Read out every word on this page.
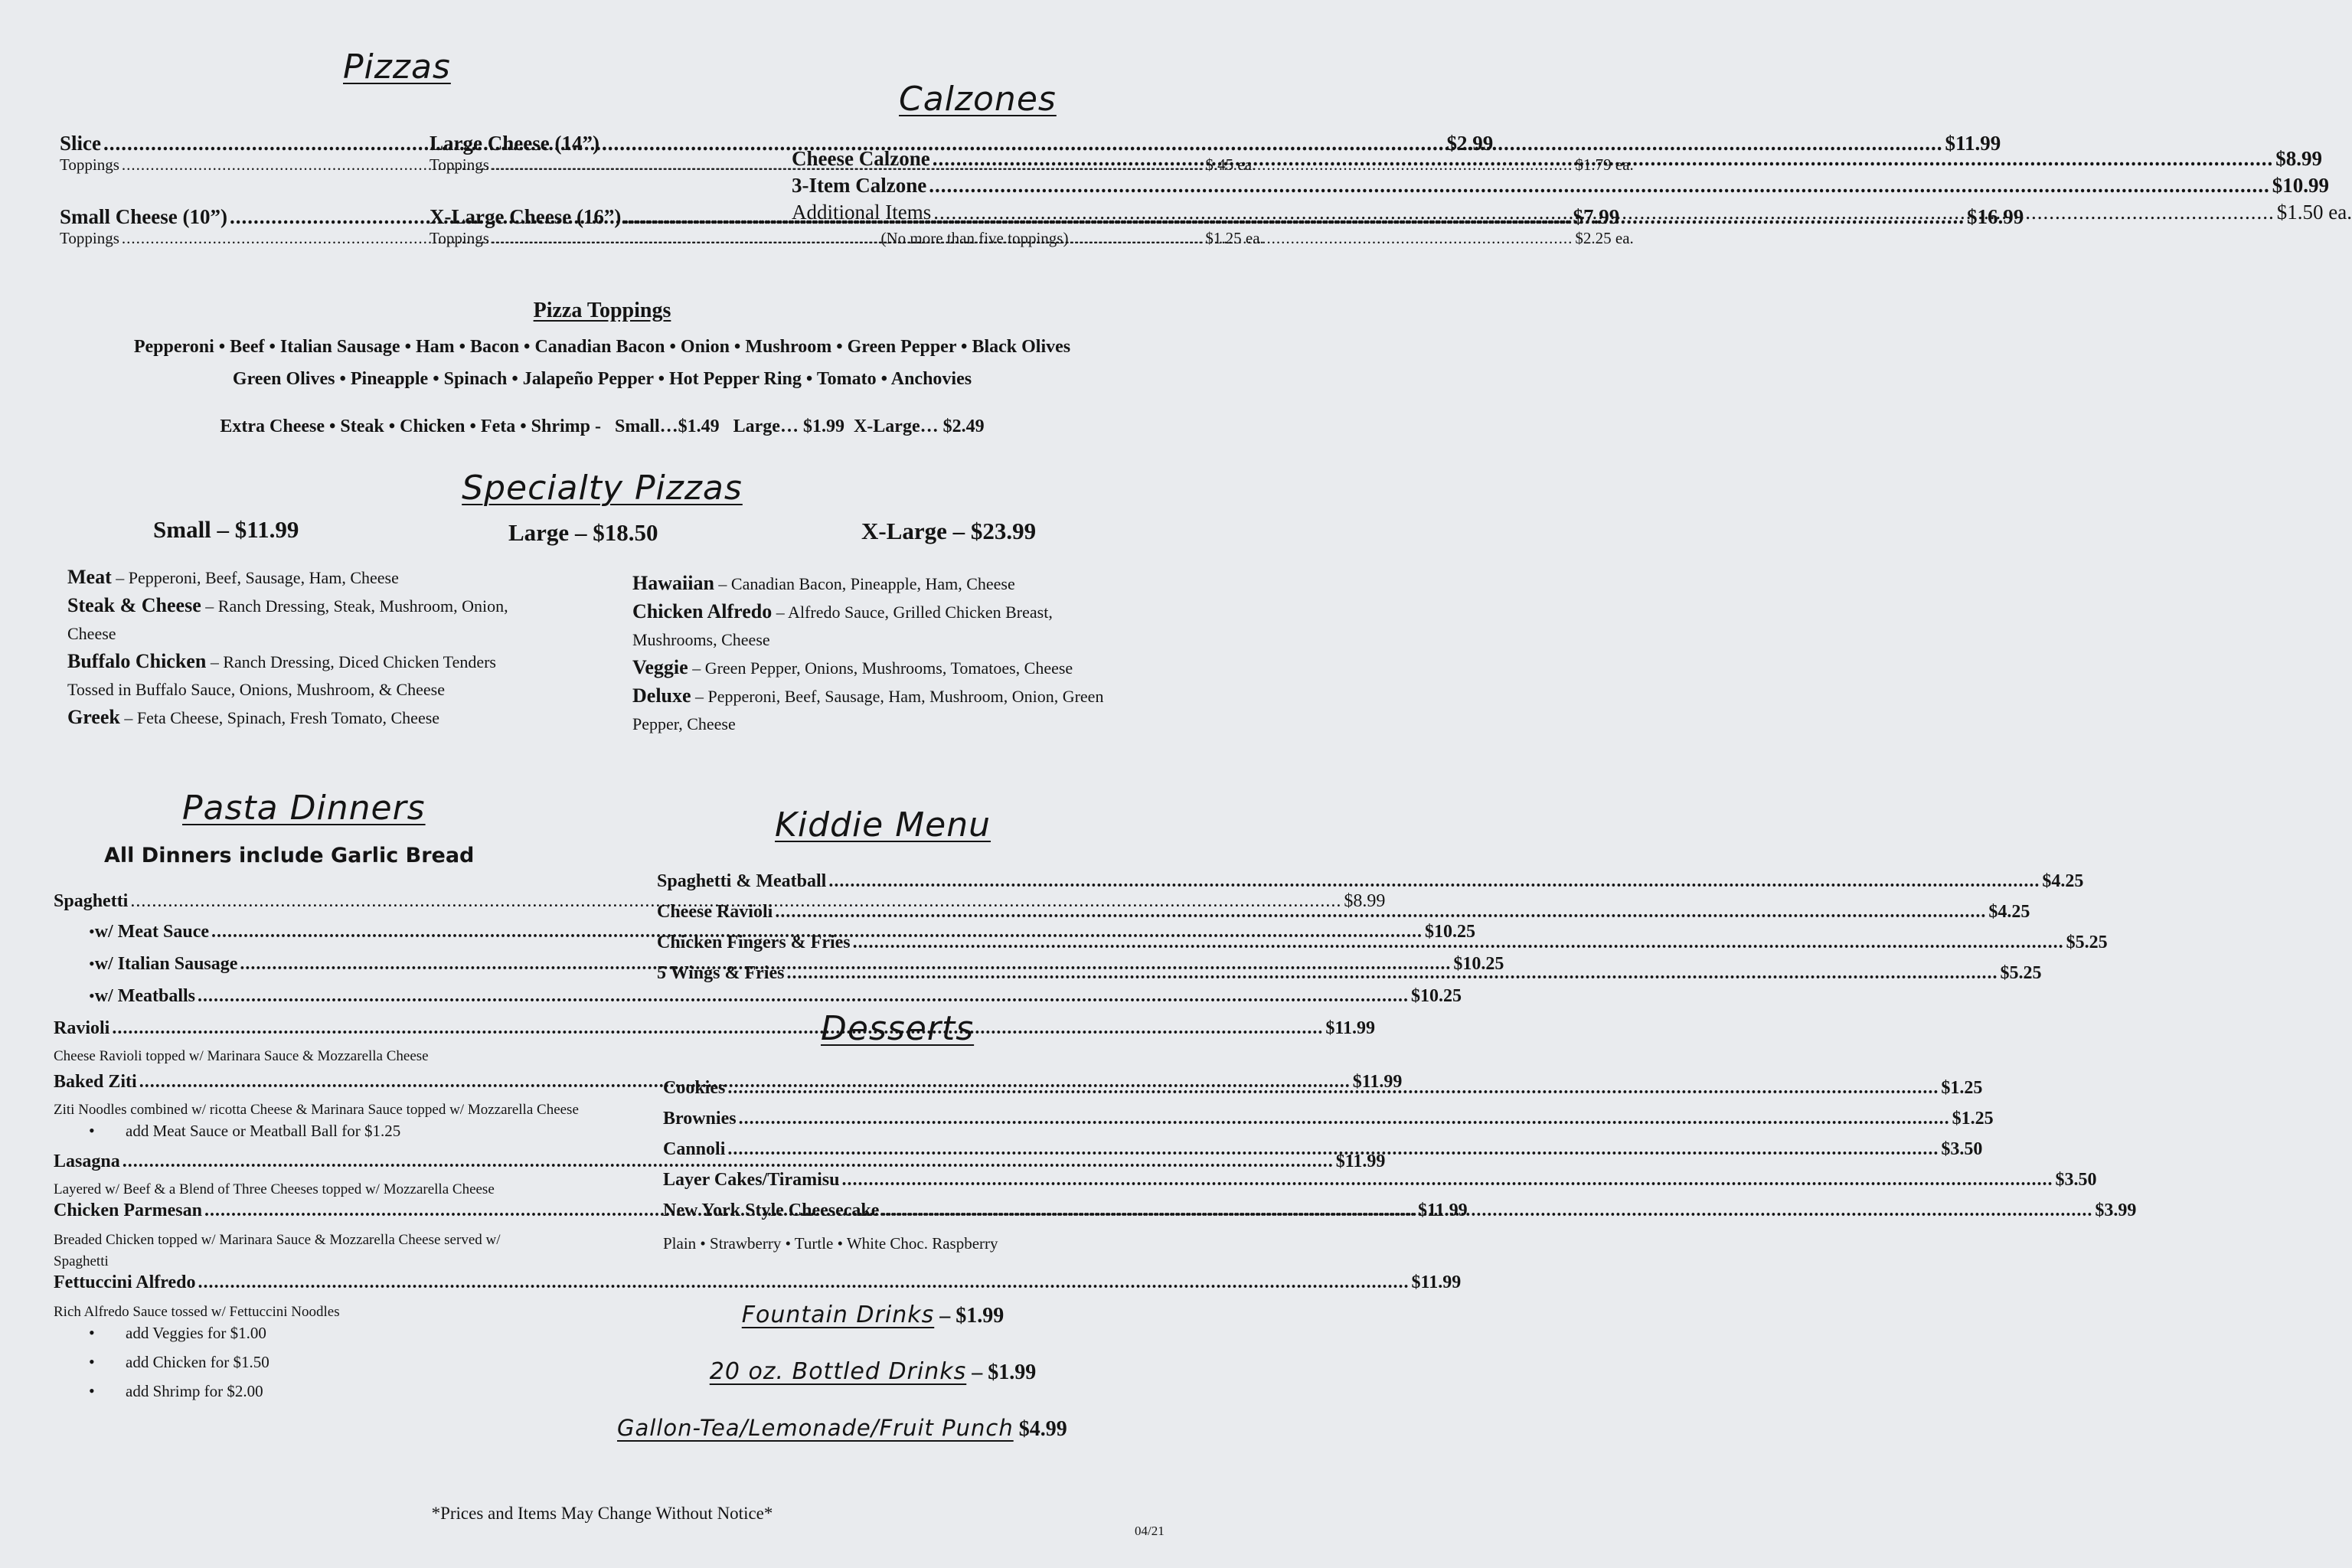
Pizzas
Slice .....	$2.99
Toppings .....	$.45 ea.
Small Cheese (10”) .....	$7.99
Toppings .....	$1.25 ea.
Large Cheese (14”) .....	$11.99
Toppings .....	$1.79 ea.
X-Large Cheese (16”) .....	$16.99
Toppings .....	$2.25 ea.
Calzones
Cheese Calzone .....	$8.99
3-Item Calzone .....	$10.99
Additional Items .....	$1.50 ea.
(No more than five toppings)
Pizza Toppings
Pepperoni • Beef • Italian Sausage • Ham • Bacon • Canadian Bacon • Onion • Mushroom • Green Pepper • Black Olives
Green Olives • Pineapple • Spinach • Jalapeño Pepper • Hot Pepper Ring • Tomato • Anchovies
Extra Cheese • Steak • Chicken • Feta • Shrimp -   Small…$1.49   Large… $1.99  X-Large… $2.49
Specialty Pizzas
Small – $11.99	Large – $18.50	X-Large – $23.99

Meat – Pepperoni, Beef, Sausage, Ham, Cheese

Steak & Cheese – Ranch Dressing, Steak, Mushroom, Onion, Cheese

Buffalo Chicken – Ranch Dressing, Diced Chicken Tenders Tossed in Buffalo Sauce, Onions, Mushroom, & Cheese

Greek – Feta Cheese, Spinach, Fresh Tomato, Cheese

Hawaiian – Canadian Bacon, Pineapple, Ham, Cheese

Chicken Alfredo – Alfredo Sauce, Grilled Chicken Breast, Mushrooms, Cheese

Veggie – Green Pepper, Onions, Mushrooms, Tomatoes, Cheese

Deluxe – Pepperoni, Beef, Sausage, Ham, Mushroom, Onion, Green Pepper, Cheese

Pasta Dinners
All Dinners include Garlic Bread
Spaghetti .....	$8.99
• w/ Meat Sauce .....	$10.25
• w/ Italian Sausage .....	$10.25
• w/ Meatballs .....	$10.25
Ravioli .....	$11.99
Cheese Ravioli topped w/ Marinara Sauce & Mozzarella Cheese
Baked Ziti .....	$11.99
Ziti Noodles combined w/ ricotta Cheese & Marinara Sauce topped w/ Mozzarella Cheese
•	add Meat Sauce or Meatball Ball for $1.25
Lasagna .....	$11.99
Layered w/ Beef & a Blend of Three Cheeses topped w/ Mozzarella Cheese
Chicken Parmesan .....	$11.99
Breaded Chicken topped w/ Marinara Sauce & Mozzarella Cheese served w/ Spaghetti
Fettuccini Alfredo .....	$11.99
Rich Alfredo Sauce tossed w/ Fettuccini Noodles
•	add Veggies for $1.00
•	add Chicken for $1.50
•	add Shrimp for $2.00
Kiddie Menu
Spaghetti & Meatball .....	$4.25
Cheese Ravioli .....	$4.25
Chicken Fingers & Fries .....	$5.25
5 Wings & Fries .....	$5.25
Desserts
Cookies .....	$1.25
Brownies .....	$1.25
Cannoli .....	$3.50
Layer Cakes/Tiramisu .....	$3.50
New York Style Cheesecake .....	$3.99
Plain • Strawberry • Turtle • White Choc. Raspberry
Fountain Drinks – $1.99
20 oz. Bottled Drinks – $1.99
Gallon-Tea/Lemonade/Fruit Punch $4.99
*Prices and Items May Change Without Notice*
04/21
